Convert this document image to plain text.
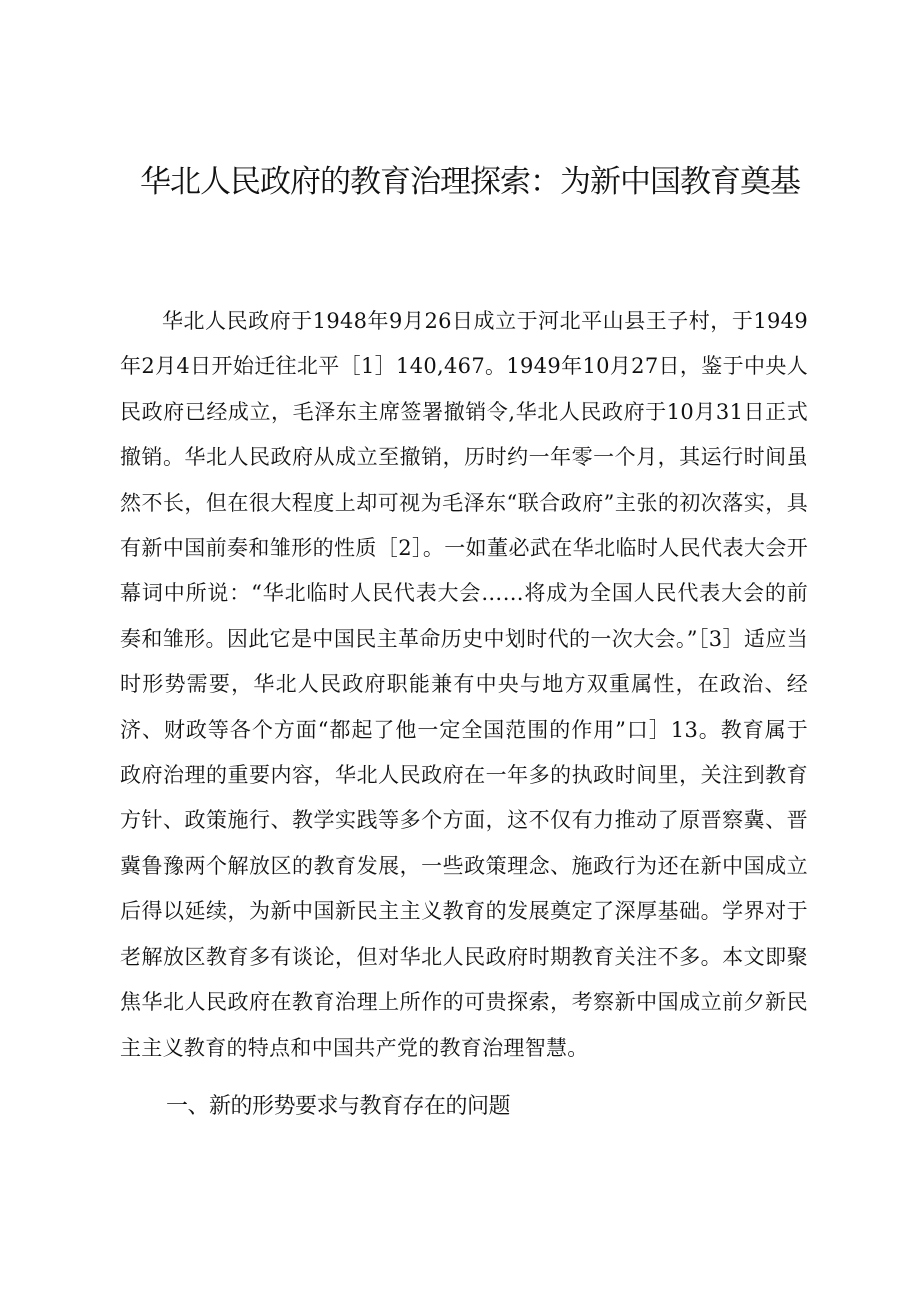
华北人民政府的教育治理探索：为新中国教育奠基

华北人民政府于1948年9月26日成立于河北平山县王子村，于1949年2月4日开始迁往北平［1］140,467。1949年10月27日，鉴于中央人民政府已经成立，毛泽东主席签署撤销令,华北人民政府于10月31日正式撤销。华北人民政府从成立至撤销，历时约一年零一个月，其运行时间虽然不长，但在很大程度上却可视为毛泽东“联合政府”主张的初次落实，具有新中国前奏和雏形的性质［2］。一如董必武在华北临时人民代表大会开幕词中所说：“华北临时人民代表大会……将成为全国人民代表大会的前奏和雏形。因此它是中国民主革命历史中划时代的一次大会。”［3］适应当时形势需要，华北人民政府职能兼有中央与地方双重属性，在政治、经济、财政等各个方面“都起了他一定全国范围的作用”口］13。教育属于政府治理的重要内容，华北人民政府在一年多的执政时间里，关注到教育方针、政策施行、教学实践等多个方面，这不仅有力推动了原晋察冀、晋冀鲁豫两个解放区的教育发展，一些政策理念、施政行为还在新中国成立后得以延续，为新中国新民主主义教育的发展奠定了深厚基础。学界对于老解放区教育多有谈论，但对华北人民政府时期教育关注不多。本文即聚焦华北人民政府在教育治理上所作的可贵探索，考察新中国成立前夕新民主主义教育的特点和中国共产党的教育治理智慧。

一、新的形势要求与教育存在的问题
